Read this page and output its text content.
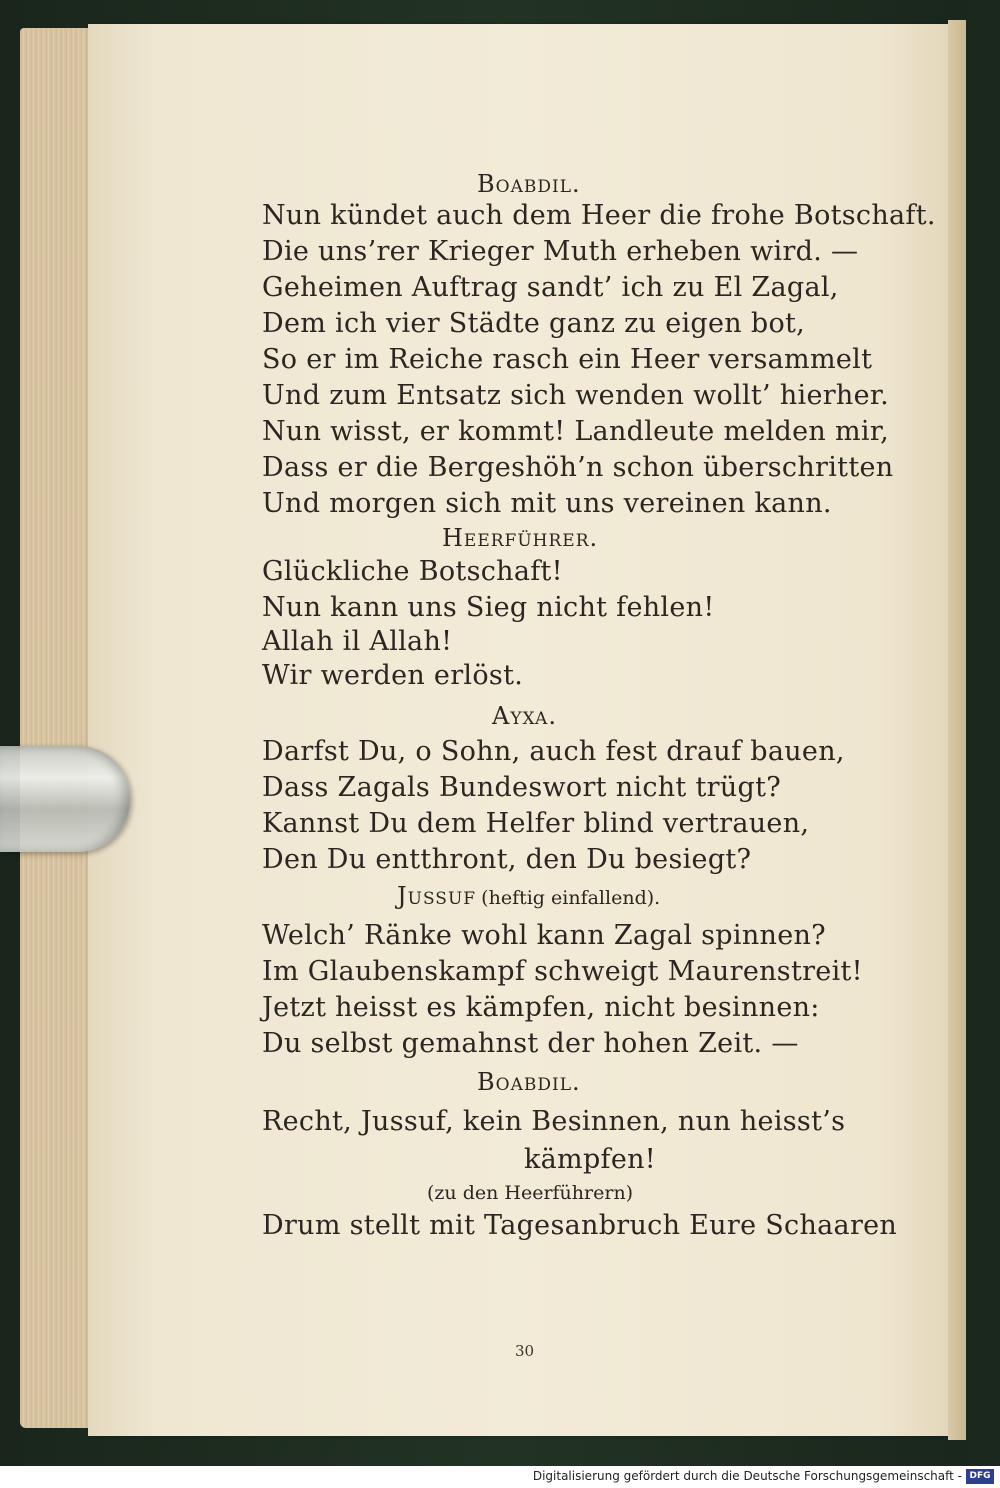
Boabdil.
Nun kündet auch dem Heer die frohe Botschaft.
Die uns’rer Krieger Muth erheben wird. —
Geheimen Auftrag sandt’ ich zu El Zagal,
Dem ich vier Städte ganz zu eigen bot,
So er im Reiche rasch ein Heer versammelt
Und zum Entsatz sich wenden wollt’ hierher.
Nun wisst, er kommt! Landleute melden mir,
Dass er die Bergeshöh’n schon überschritten
Und morgen sich mit uns vereinen kann.
Heerführer.
Glückliche Botschaft!
Nun kann uns Sieg nicht fehlen!
Allah il Allah!
Wir werden erlöst.
Ayxa.
Darfst Du, o Sohn, auch fest drauf bauen,
Dass Zagals Bundeswort nicht trügt?
Kannst Du dem Helfer blind vertrauen,
Den Du entthront, den Du besiegt?
Jussuf (heftig einfallend).
Welch’ Ränke wohl kann Zagal spinnen?
Im Glaubenskampf schweigt Maurenstreit!
Jetzt heisst es kämpfen, nicht besinnen:
Du selbst gemahnst der hohen Zeit. —
Boabdil.
Recht, Jussuf, kein Besinnen, nun heisst’s
kämpfen!
(zu den Heerführern)
Drum stellt mit Tagesanbruch Eure Schaaren
30
Digitalisierung gefördert durch die Deutsche Forschungsgemeinschaft - DFG
